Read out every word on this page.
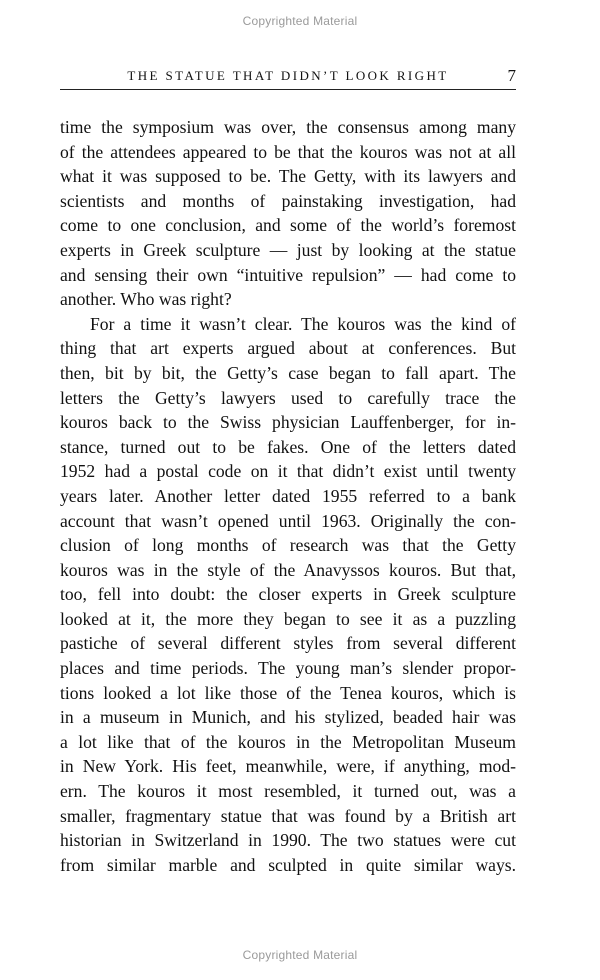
Copyrighted Material
THE STATUE THAT DIDN’T LOOK RIGHT	7
time the symposium was over, the consensus among many
of the attendees appeared to be that the kouros was not at all
what it was supposed to be. The Getty, with its lawyers and
scientists and months of painstaking investigation, had
come to one conclusion, and some of the world’s foremost
experts in Greek sculpture — just by looking at the statue
and sensing their own “intuitive repulsion” — had come to
another. Who was right?
For a time it wasn’t clear. The kouros was the kind of
thing that art experts argued about at conferences. But
then, bit by bit, the Getty’s case began to fall apart. The
letters the Getty’s lawyers used to carefully trace the
kouros back to the Swiss physician Lauffenberger, for in-
stance, turned out to be fakes. One of the letters dated
1952 had a postal code on it that didn’t exist until twenty
years later. Another letter dated 1955 referred to a bank
account that wasn’t opened until 1963. Originally the con-
clusion of long months of research was that the Getty
kouros was in the style of the Anavyssos kouros. But that,
too, fell into doubt: the closer experts in Greek sculpture
looked at it, the more they began to see it as a puzzling
pastiche of several different styles from several different
places and time periods. The young man’s slender propor-
tions looked a lot like those of the Tenea kouros, which is
in a museum in Munich, and his stylized, beaded hair was
a lot like that of the kouros in the Metropolitan Museum
in New York. His feet, meanwhile, were, if anything, mod-
ern. The kouros it most resembled, it turned out, was a
smaller, fragmentary statue that was found by a British art
historian in Switzerland in 1990. The two statues were cut
from similar marble and sculpted in quite similar ways.
Copyrighted Material
